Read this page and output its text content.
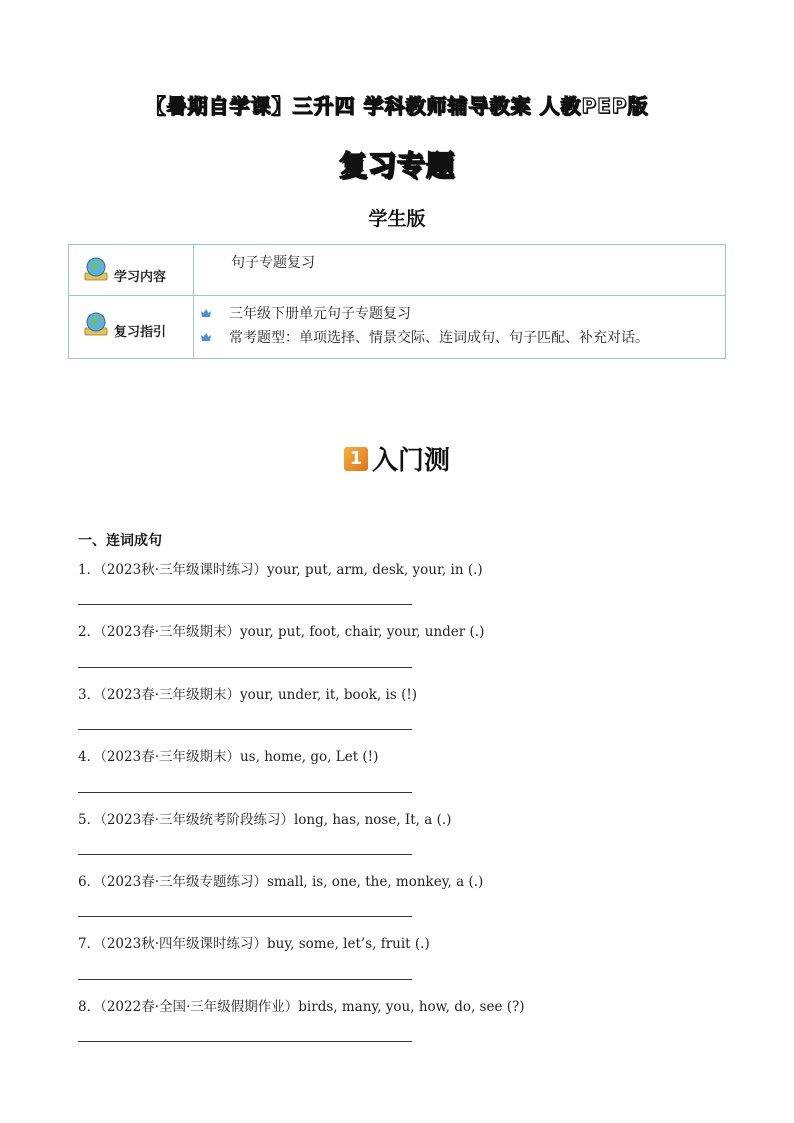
【暑期自学课】三升四 学科教师辅导教案 人教PEP版
复习专题
学生版
学习内容	句子专题复习

复习指引	三年级下册单元句子专题复习
常考题型：单项选择、情景交际、连词成句、句子匹配、补充对话。
1 入门测
一、连词成句
1．（2023秋·三年级课时练习）your, put, arm, desk, your, in (.)
2．（2023春·三年级期末）your, put, foot, chair, your, under (.)
3．（2023春·三年级期末）your, under, it, book, is (!)
4．（2023春·三年级期末）us, home, go, Let (!)
5．（2023春·三年级统考阶段练习）long, has, nose, It, a (.)
6．（2023春·三年级专题练习）small, is, one, the, monkey, a (.)
7．（2023秋·四年级课时练习）buy, some, let’s, fruit (.)
8．（2022春·全国·三年级假期作业）birds, many, you, how, do, see (?)
